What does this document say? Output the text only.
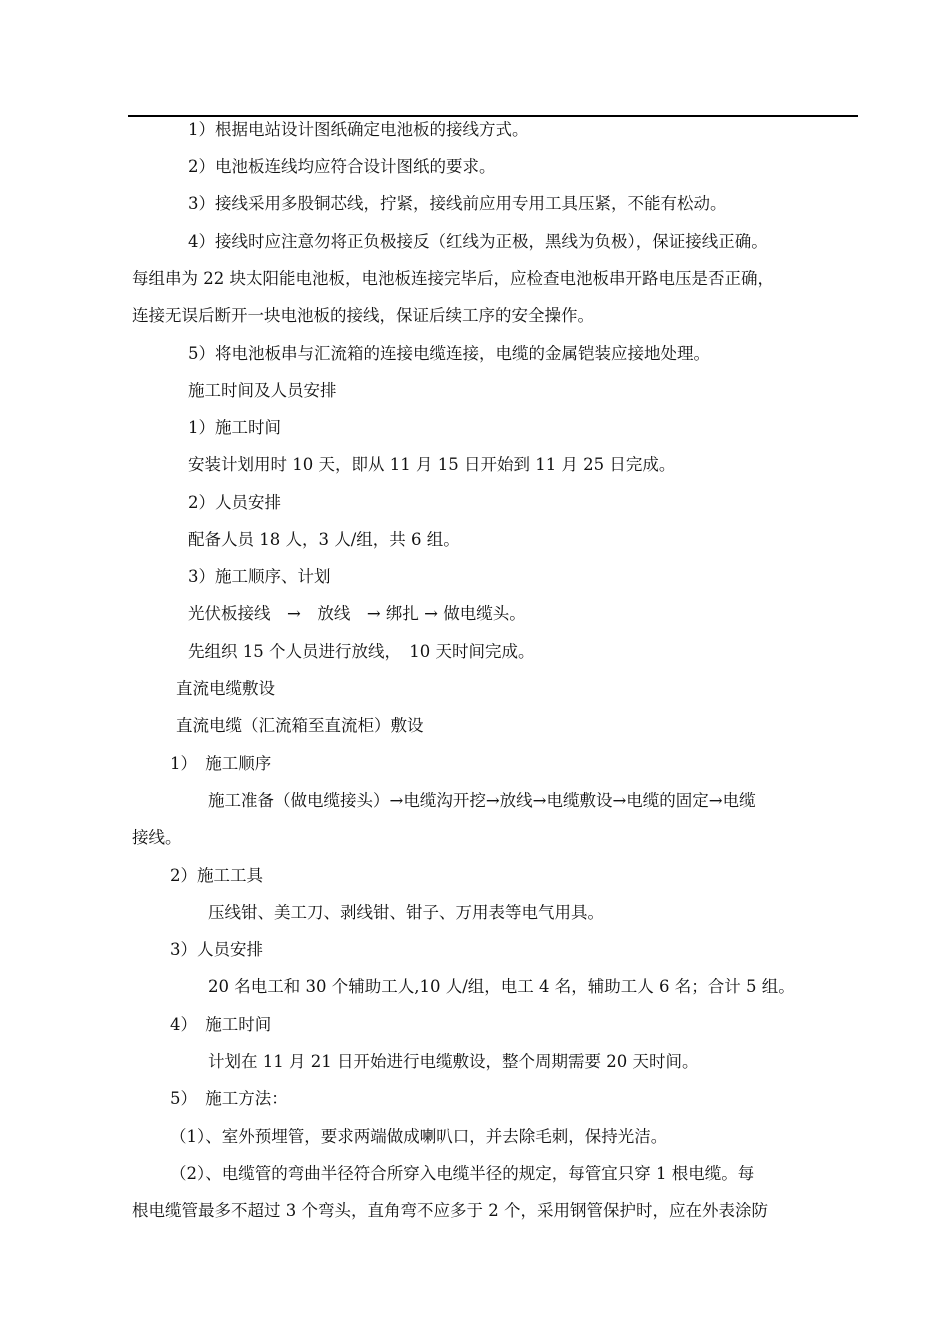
1）根据电站设计图纸确定电池板的接线方式。
2）电池板连线均应符合设计图纸的要求。
3）接线采用多股铜芯线，拧紧，接线前应用专用工具压紧，不能有松动。
4）接线时应注意勿将正负极接反（红线为正极，黑线为负极），保证接线正确。
每组串为 22 块太阳能电池板，电池板连接完毕后，应检查电池板串开路电压是否正确，
连接无误后断开一块电池板的接线，保证后续工序的安全操作。
5）将电池板串与汇流箱的连接电缆连接，电缆的金属铠装应接地处理。
施工时间及人员安排
1）施工时间
安装计划用时 10 天，即从 11 月 15 日开始到 11 月 25 日完成。
2）人员安排
配备人员 18 人，3 人/组，共 6 组。
3）施工顺序、计划
光伏板接线　→　放线　→ 绑扎 → 做电缆头。
先组织 15 个人员进行放线，　10 天时间完成。
直流电缆敷设
直流电缆（汇流箱至直流柜）敷设
1）　施工顺序
施工准备（做电缆接头）→电缆沟开挖→放线→电缆敷设→电缆的固定→电缆
接线。
2）施工工具
压线钳、美工刀、剥线钳、钳子、万用表等电气用具。
3）人员安排
20 名电工和 30 个辅助工人,10 人/组，电工 4 名，辅助工人 6 名；合计 5 组。
4）　施工时间
计划在 11 月 21 日开始进行电缆敷设，整个周期需要 20 天时间。
5）　施工方法：
（1）、室外预埋管，要求两端做成喇叭口，并去除毛刺，保持光洁。
（2）、电缆管的弯曲半径符合所穿入电缆半径的规定，每管宜只穿 1 根电缆。每
根电缆管最多不超过 3 个弯头，直角弯不应多于 2 个，采用钢管保护时，应在外表涂防
